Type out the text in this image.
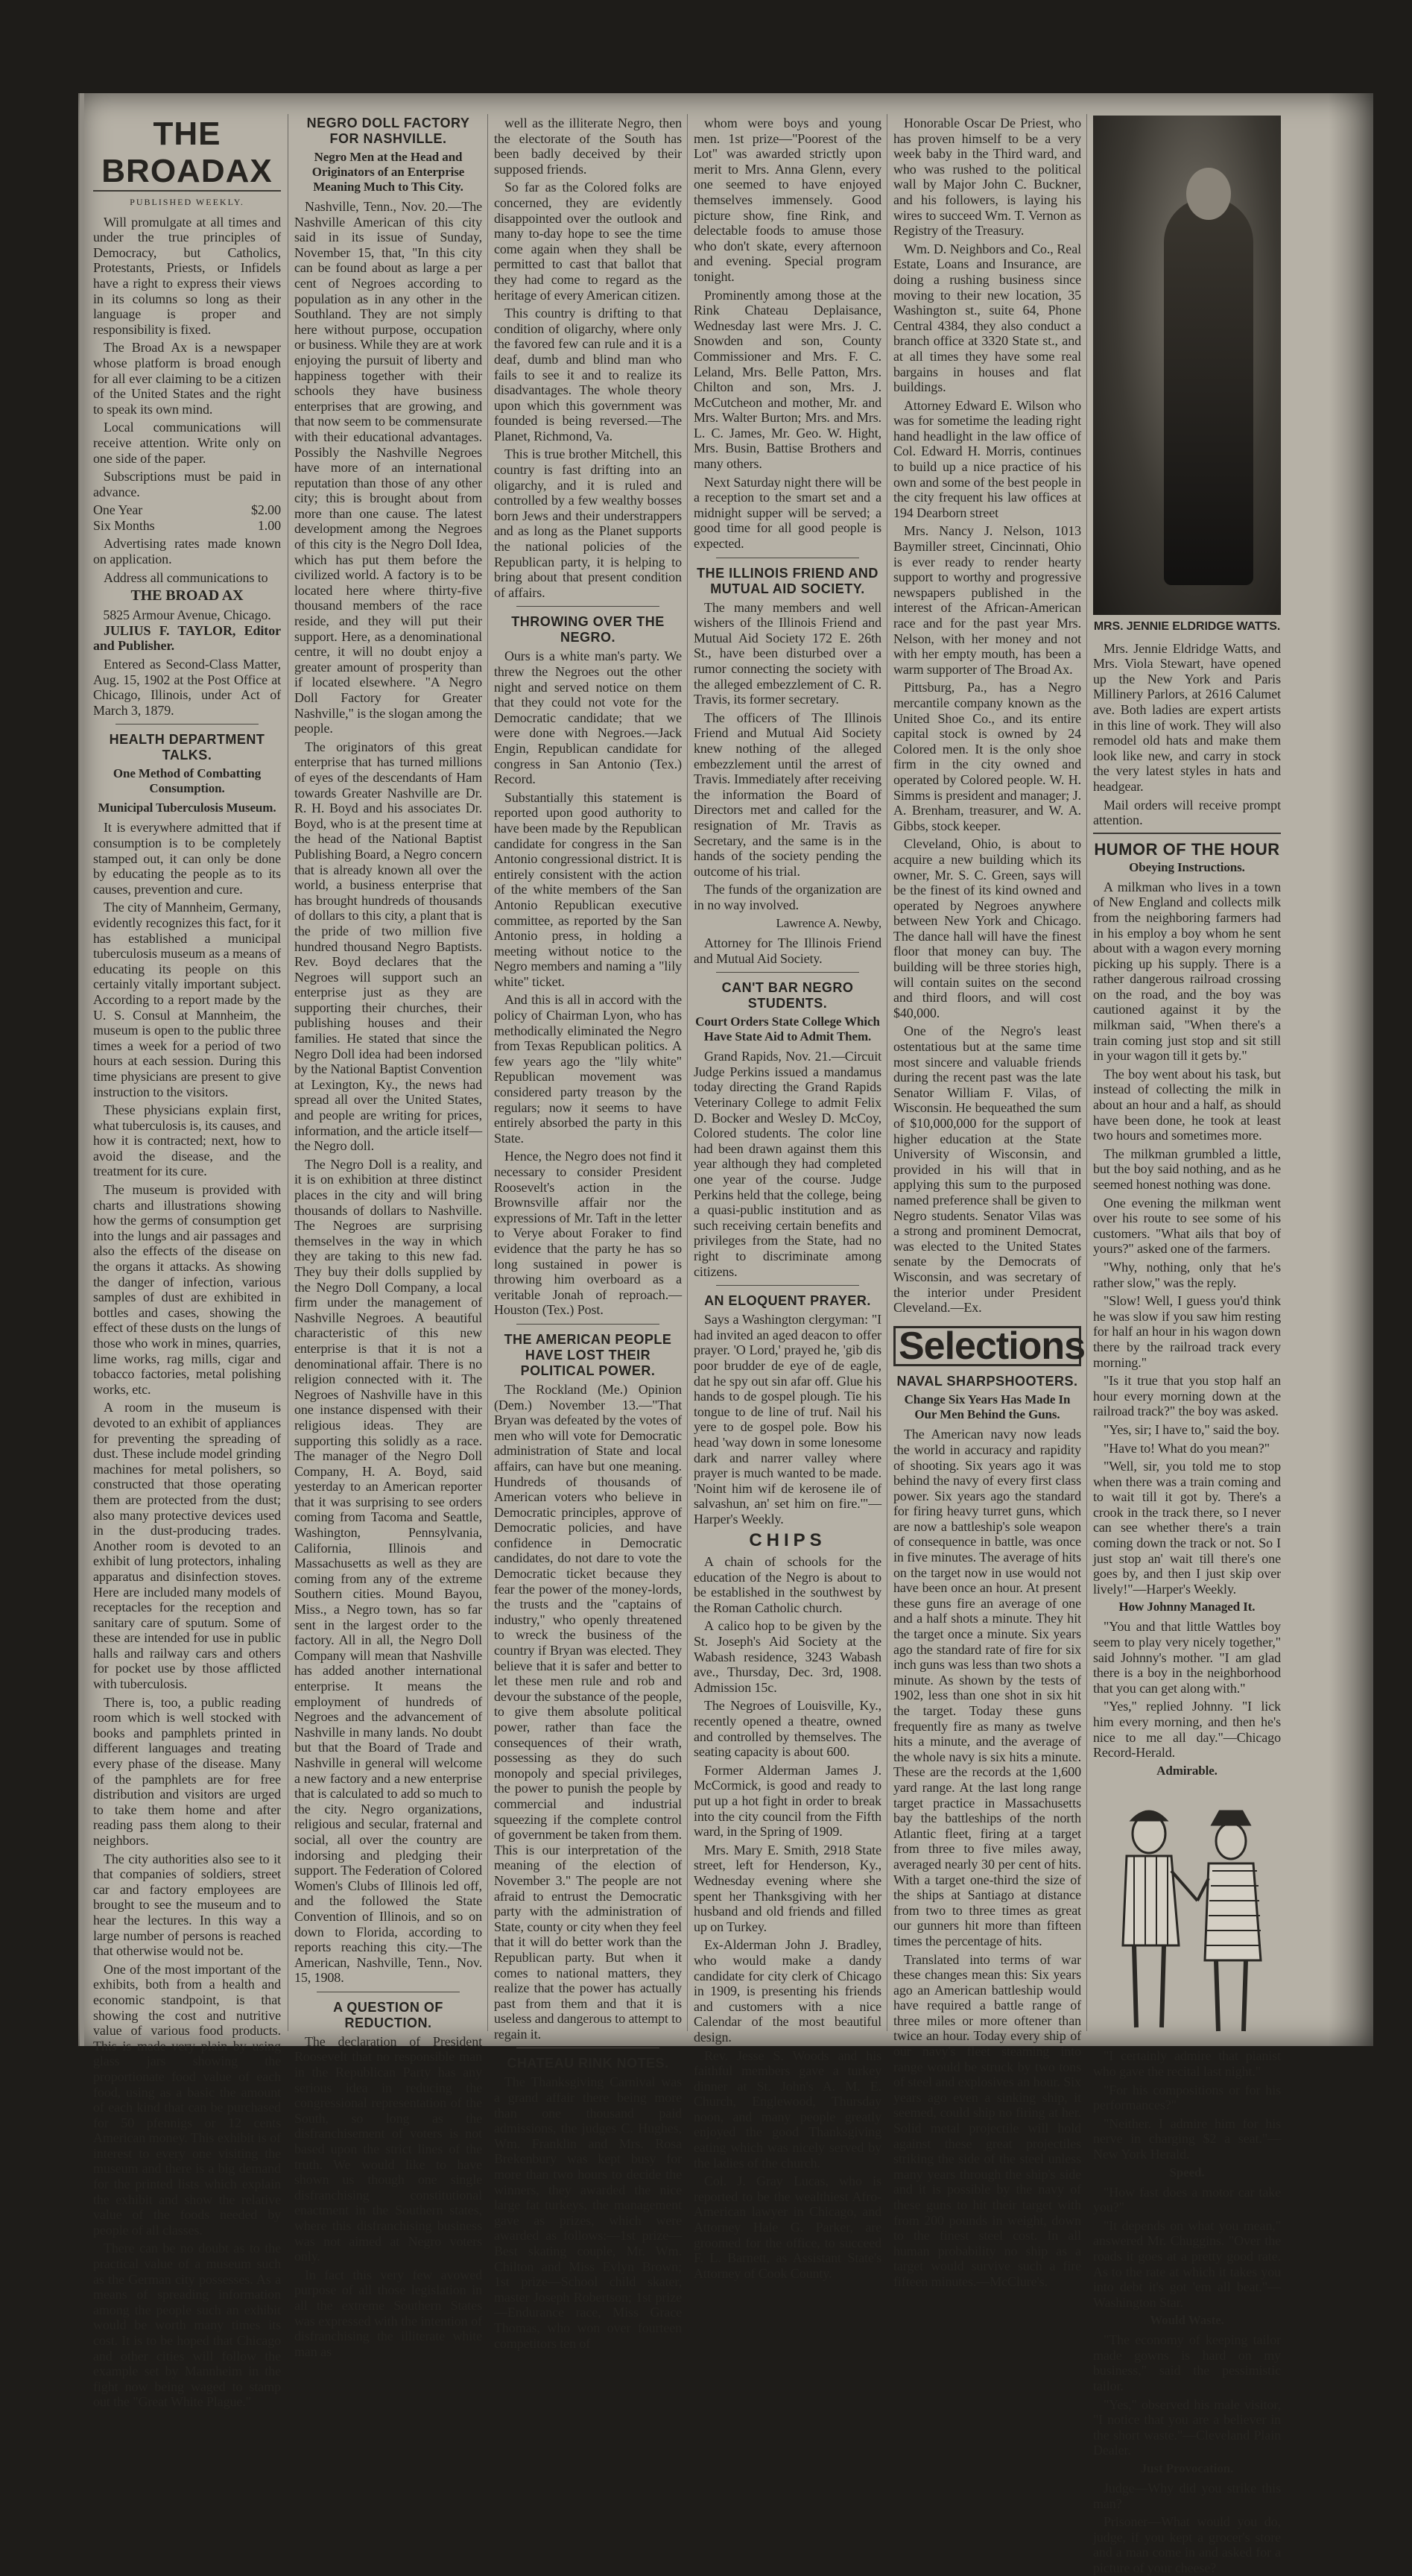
THE BROADAX
PUBLISHED WEEKLY.

Will promulgate at all times and under the true principles of Democracy, but Catholics, Protestants, Priests, or Infidels have a right to express their views in its columns so long as their language is proper and responsibility is fixed.

The Broad Ax is a newspaper whose platform is broad enough for all ever claiming to be a citizen of the United States and the right to speak its own mind.

Local communications will receive attention. Write only on one side of the paper.

Subscriptions must be paid in advance.

One Year	$2.00
Six Months	1.00

Advertising rates made known on application.

Address all communications to

THE BROAD AX
5825 Armour Avenue, Chicago.

JULIUS F. TAYLOR, Editor and Publisher.

Entered as Second-Class Matter, Aug. 15, 1902 at the Post Office at Chicago, Illinois, under Act of March 3, 1879.

HEALTH DEPARTMENT TALKS.
One Method of Combatting Consumption.
Municipal Tuberculosis Museum.

It is everywhere admitted that if consumption is to be completely stamped out, it can only be done by educating the people as to its causes, prevention and cure.

The city of Mannheim, Germany, evidently recognizes this fact, for it has established a municipal tuberculosis museum as a means of educating its people on this certainly vitally important subject. According to a report made by the U. S. Consul at Mannheim, the museum is open to the public three times a week for a period of two hours at each session. During this time physicians are present to give instruction to the visitors.

These physicians explain first, what tuberculosis is, its causes, and how it is contracted; next, how to avoid the disease, and the treatment for its cure.

The museum is provided with charts and illustrations showing how the germs of consumption get into the lungs and air passages and also the effects of the disease on the organs it attacks. As showing the danger of infection, various samples of dust are exhibited in bottles and cases, showing the effect of these dusts on the lungs of those who work in mines, quarries, lime works, rag mills, cigar and tobacco factories, metal polishing works, etc.

A room in the museum is devoted to an exhibit of appliances for preventing the spreading of dust. These include model grinding machines for metal polishers, so constructed that those operating them are protected from the dust; also many protective devices used in the dust-producing trades. Another room is devoted to an exhibit of lung protectors, inhaling apparatus and disinfection stoves. Here are included many models of receptacles for the reception and sanitary care of sputum. Some of these are intended for use in public halls and railway cars and others for pocket use by those afflicted with tuberculosis.

There is, too, a public reading room which is well stocked with books and pamphlets printed in different languages and treating every phase of the disease. Many of the pamphlets are for free distribution and visitors are urged to take them home and after reading pass them along to their neighbors.

The city authorities also see to it that companies of soldiers, street car and factory employees are brought to see the museum and to hear the lectures. In this way a large number of persons is reached that otherwise would not be.

One of the most important of the exhibits, both from a health and economic standpoint, is that showing the cost and nutritive value of various food products. This is made very plain by using glass jars showing the proportionate food value of each food, using as a basic the amount of each kind that can be purchased for 50 pfennigs or 12 cents American money. This exhibit is of interest to every one visiting the museum and there is a big demand for the printed lists which explain the exhibit and show the relative value of the foods needed by people of all classes.

There can be no doubt as to the practical value of a museum such as the German city possesses. As a means of spreading information among the people such an exhibit would be worth many times its cost. It is to be hoped that Chicago and other cities will follow the example set by Mannheim in the fight now being waged to stamp out the "Great White Plague."

NEGRO DOLL FACTORY FOR NASHVILLE.
Negro Men at the Head and Originators of an Enterprise Meaning Much to This City.

Nashville, Tenn., Nov. 20.—The Nashville American of this city said in its issue of Sunday, November 15, that, "In this city can be found about as large a per cent of Negroes according to population as in any other in the Southland. They are not simply here without purpose, occupation or business. While they are at work enjoying the pursuit of liberty and happiness together with their schools they have business enterprises that are growing, and that now seem to be commensurate with their educational advantages. Possibly the Nashville Negroes have more of an international reputation than those of any other city; this is brought about from more than one cause. The latest development among the Negroes of this city is the Negro Doll Idea, which has put them before the civilized world. A factory is to be located here where thirty-five thousand members of the race reside, and they will put their support. Here, as a denominational centre, it will no doubt enjoy a greater amount of prosperity than if located elsewhere. "A Negro Doll Factory for Greater Nashville," is the slogan among the people.

The originators of this great enterprise that has turned millions of eyes of the descendants of Ham towards Greater Nashville are Dr. R. H. Boyd and his associates Dr. Boyd, who is at the present time at the head of the National Baptist Publishing Board, a Negro concern that is already known all over the world, a business enterprise that has brought hundreds of thousands of dollars to this city, a plant that is the pride of two million five hundred thousand Negro Baptists. Rev. Boyd declares that the Negroes will support such an enterprise just as they are supporting their churches, their publishing houses and their families. He stated that since the Negro Doll idea had been indorsed by the National Baptist Convention at Lexington, Ky., the news had spread all over the United States, and people are writing for prices, information, and the article itself—the Negro doll.

The Negro Doll is a reality, and it is on exhibition at three distinct places in the city and will bring thousands of dollars to Nashville. The Negroes are surprising themselves in the way in which they are taking to this new fad. They buy their dolls supplied by the Negro Doll Company, a local firm under the management of Nashville Negroes. A beautiful characteristic of this new enterprise is that it is not a denominational affair. There is no religion connected with it. The Negroes of Nashville have in this one instance dispensed with their religious ideas. They are supporting this solidly as a race. The manager of the Negro Doll Company, H. A. Boyd, said yesterday to an American reporter that it was surprising to see orders coming from Tacoma and Seattle, Washington, Pennsylvania, California, Illinois and Massachusetts as well as they are coming from any of the extreme Southern cities. Mound Bayou, Miss., a Negro town, has so far sent in the largest order to the factory. All in all, the Negro Doll Company will mean that Nashville has added another international enterprise. It means the employment of hundreds of Negroes and the advancement of Nashville in many lands. No doubt but that the Board of Trade and Nashville in general will welcome a new factory and a new enterprise that is calculated to add so much to the city. Negro organizations, religious and secular, fraternal and social, all over the country are indorsing and pledging their support. The Federation of Colored Women's Clubs of Illinois led off, and the followed the State Convention of Illinois, and so on down to Florida, according to reports reaching this city.—The American, Nashville, Tenn., Nov. 15, 1908.

A QUESTION OF REDUCTION.

The declaration of President Roosevelt that no responsible man in the Republican Party has any serious idea in reducing the congressional representation of the South, so long as the disfranchisement of voters is not based upon the strict lines of the truth. We would like to have shown us though one single disfranchising constitutional enactment in the Southern states, where this disfranchising business was not aimed at Negro voters only.

In fact this very few avowed purpose of all those legislation in all the extreme Southern States was expressed with the intention of disfranchising the illiterate white man as

well as the illiterate Negro, then the electorate of the South has been badly deceived by their supposed friends.

So far as the Colored folks are concerned, they are evidently disappointed over the outlook and many to-day hope to see the time come again when they shall be permitted to cast that ballot that they had come to regard as the heritage of every American citizen.

This country is drifting to that condition of oligarchy, where only the favored few can rule and it is a deaf, dumb and blind man who fails to see it and to realize its disadvantages. The whole theory upon which this government was founded is being reversed.—The Planet, Richmond, Va.

This is true brother Mitchell, this country is fast drifting into an oligarchy, and it is ruled and controlled by a few wealthy bosses born Jews and their understrappers and as long as the Planet supports the national policies of the Republican party, it is helping to bring about that present condition of affairs.

THROWING OVER THE NEGRO.

Ours is a white man's party. We threw the Negroes out the other night and served notice on them that they could not vote for the Democratic candidate; that we were done with Negroes.—Jack Engin, Republican candidate for congress in San Antonio (Tex.) Record.

Substantially this statement is reported upon good authority to have been made by the Republican candidate for congress in the San Antonio congressional district. It is entirely consistent with the action of the white members of the San Antonio Republican executive committee, as reported by the San Antonio press, in holding a meeting without notice to the Negro members and naming a "lily white" ticket.

And this is all in accord with the policy of Chairman Lyon, who has methodically eliminated the Negro from Texas Republican politics. A few years ago the "lily white" Republican movement was considered party treason by the regulars; now it seems to have entirely absorbed the party in this State.

Hence, the Negro does not find it necessary to consider President Roosevelt's action in the Brownsville affair nor the expressions of Mr. Taft in the letter to Verye about Foraker to find evidence that the party he has so long sustained in power is throwing him overboard as a veritable Jonah of reproach.—Houston (Tex.) Post.

THE AMERICAN PEOPLE HAVE LOST THEIR POLITICAL POWER.

The Rockland (Me.) Opinion (Dem.) November 13.—"That Bryan was defeated by the votes of men who will vote for Democratic administration of State and local affairs, can have but one meaning. Hundreds of thousands of American voters who believe in Democratic principles, approve of Democratic policies, and have confidence in Democratic candidates, do not dare to vote the Democratic ticket because they fear the power of the money-lords, the trusts and the "captains of industry," who openly threatened to wreck the business of the country if Bryan was elected. They believe that it is safer and better to let these men rule and rob and devour the substance of the people, to give them absolute political power, rather than face the consequences of their wrath, possessing as they do such monopoly and special privileges, the power to punish the people by commercial and industrial squeezing if the complete control of government be taken from them. This is our interpretation of the meaning of the election of November 3." The people are not afraid to entrust the Democratic party with the administration of State, county or city when they feel that it will do better work than the Republican party. But when it comes to national matters, they realize that the power has actually past from them and that it is useless and dangerous to attempt to regain it.

CHATEAU RINK NOTES.

The Thanksgiving Carnival was a grand affair there being more than one thousand paid admissions, the judges C. Hughes, Wm. Franklin and Mrs. Rosa Brekenbury was kept busy for more than two hours to decide the winners, they awarded the nice large fat turkeys, the management gave as prizes, which were awarded as follows:—1st prize—Best skating couple, Mr. Wm. Chilton and Miss Evlyn Brown; 1st prize—School child skater, master Joseph Robertson; 1st prize—Endurance race, Miss Grace Thomas, who won over fourteen competitors ten of

whom were boys and young men. 1st prize—"Poorest of the Lot" was awarded strictly upon merit to Mrs. Anna Glenn, every one seemed to have enjoyed themselves immensely. Good picture show, fine Rink, and delectable foods to amuse those who don't skate, every afternoon and evening. Special program tonight.

Prominently among those at the Rink Chateau Deplaisance, Wednesday last were Mrs. J. C. Snowden and son, County Commissioner and Mrs. F. C. Leland, Mrs. Belle Patton, Mrs. Chilton and son, Mrs. J. McCutcheon and mother, Mr. and Mrs. Walter Burton; Mrs. and Mrs. L. C. James, Mr. Geo. W. Hight, Mrs. Busin, Battise Brothers and many others.

Next Saturday night there will be a reception to the smart set and a midnight supper will be served; a good time for all good people is expected.

THE ILLINOIS FRIEND AND MUTUAL AID SOCIETY.

The many members and well wishers of the Illinois Friend and Mutual Aid Society 172 E. 26th St., have been disturbed over a rumor connecting the society with the alleged embezzlement of C. R. Travis, its former secretary.

The officers of The Illinois Friend and Mutual Aid Society knew nothing of the alleged embezzlement until the arrest of Travis. Immediately after receiving the information the Board of Directors met and called for the resignation of Mr. Travis as Secretary, and the same is in the hands of the society pending the outcome of his trial.

The funds of the organization are in no way involved.

Lawrence A. Newby,

Attorney for The Illinois Friend and Mutual Aid Society.

CAN'T BAR NEGRO STUDENTS.
Court Orders State College Which Have State Aid to Admit Them.

Grand Rapids, Nov. 21.—Circuit Judge Perkins issued a mandamus today directing the Grand Rapids Veterinary College to admit Felix D. Bocker and Wesley D. McCoy, Colored students. The color line had been drawn against them this year although they had completed one year of the course. Judge Perkins held that the college, being a quasi-public institution and as such receiving certain benefits and privileges from the State, had no right to discriminate among citizens.

AN ELOQUENT PRAYER.

Says a Washington clergyman: "I had invited an aged deacon to offer prayer. 'O Lord,' prayed he, 'gib dis poor brudder de eye of de eagle, dat he spy out sin afar off. Glue his hands to de gospel plough. Tie his tongue to de line of truf. Nail his yere to de gospel pole. Bow his head 'way down in some lonesome dark and narrer valley where prayer is much wanted to be made. 'Noint him wif de kerosene ile of salvashun, an' set him on fire.'"—Harper's Weekly.

CHIPS

A chain of schools for the education of the Negro is about to be established in the southwest by the Roman Catholic church.

A calico hop to be given by the St. Joseph's Aid Society at the Wabash residence, 3243 Wabash ave., Thursday, Dec. 3rd, 1908. Admission 15c.

The Negroes of Louisville, Ky., recently opened a theatre, owned and controlled by themselves. The seating capacity is about 600.

Former Alderman James J. McCormick, is good and ready to put up a hot fight in order to break into the city council from the Fifth ward, in the Spring of 1909.

Mrs. Mary E. Smith, 2918 State street, left for Henderson, Ky., Wednesday evening where she spent her Thanksgiving with her husband and old friends and filled up on Turkey.

Ex-Alderman John J. Bradley, who would make a dandy candidate for city clerk of Chicago in 1909, is presenting his friends and customers with a nice Calendar of the most beautiful design.

Rev. Jesse S. Woods and his faithful members gave a turkey dinner at St. John's A. M. E. Church, Englewood, Thursday noon, and many people greatly enjoyed the good Thanksgiving eating which was nicely served by the ladies of the church.

Col. J. Gray Lucas, who is reported to be the wealthiest Afro-American lawyer in Chicago, and Attorney Hale G. Parker, are groomed for the office, to succeed F. L. Barnett, as Assistant State's Attorney of Cook County.

Honorable Oscar De Priest, who has proven himself to be a very week baby in the Third ward, and who was rushed to the political wall by Major John C. Buckner, and his followers, is laying his wires to succeed Wm. T. Vernon as Registry of the Treasury.

Wm. D. Neighbors and Co., Real Estate, Loans and Insurance, are doing a rushing business since moving to their new location, 35 Washington st., suite 64, Phone Central 4384, they also conduct a branch office at 3320 State st., and at all times they have some real bargains in houses and flat buildings.

Attorney Edward E. Wilson who was for sometime the leading right hand headlight in the law office of Col. Edward H. Morris, continues to build up a nice practice of his own and some of the best people in the city frequent his law offices at 194 Dearborn street

Mrs. Nancy J. Nelson, 1013 Baymiller street, Cincinnati, Ohio is ever ready to render hearty support to worthy and progressive newspapers published in the interest of the African-American race and for the past year Mrs. Nelson, with her money and not with her empty mouth, has been a warm supporter of The Broad Ax.

Pittsburg, Pa., has a Negro mercantile company known as the United Shoe Co., and its entire capital stock is owned by 24 Colored men. It is the only shoe firm in the city owned and operated by Colored people. W. H. Simms is president and manager; J. A. Brenham, treasurer, and W. A. Gibbs, stock keeper.

Cleveland, Ohio, is about to acquire a new building which its owner, Mr. S. C. Green, says will be the finest of its kind owned and operated by Negroes anywhere between New York and Chicago. The dance hall will have the finest floor that money can buy. The building will be three stories high, will contain suites on the second and third floors, and will cost $40,000.

One of the Negro's least ostentatious but at the same time most sincere and valuable friends during the recent past was the late Senator William F. Vilas, of Wisconsin. He bequeathed the sum of $10,000,000 for the support of higher education at the State University of Wisconsin, and provided in his will that in applying this sum to the purposed named preference shall be given to Negro students. Senator Vilas was a strong and prominent Democrat, was elected to the United States senate by the Democrats of Wisconsin, and was secretary of the interior under President Cleveland.—Ex.

Selections
NAVAL SHARPSHOOTERS.
Change Six Years Has Made In Our Men Behind the Guns.

The American navy now leads the world in accuracy and rapidity of shooting. Six years ago it was behind the navy of every first class power. Six years ago the standard for firing heavy turret guns, which are now a battleship's sole weapon of consequence in battle, was once in five minutes. The average of hits on the target now in use would not have been once an hour. At present these guns fire an average of one and a half shots a minute. They hit the target once a minute. Six years ago the standard rate of fire for six inch guns was less than two shots a minute. As shown by the tests of 1902, less than one shot in six hit the target. Today these guns frequently fire as many as twelve hits a minute, and the average of the whole navy is six hits a minute. These are the records at the 1,600 yard range. At the last long range target practice in Massachusetts bay the battleships of the north Atlantic fleet, firing at a target from three to five miles away, averaged nearly 30 per cent of hits. With a target one-third the size of the ships at Santiago at distance from two to three times as great our gunners hit more than fifteen times the percentage of hits.

Translated into terms of war these changes mean this: Six years ago an American battleship would have required a battle range of three miles or more oftener than twice an hour. Today every ship of our navy's fleet steaming into range would be struck by two tons of steel and explosives an hour. Six years ago even a sinking ship, it seemed, could ship no firing at her. Solid metal projectile will hold against these great projectiles striking the side of the steel unless many years through the ship's side and it is possible by the navy of these guns to hit their target with from 200 pounds in weight, down to the finest steel cost. In all human probability no ship as a target would survive such a fire fifteen minutes.—McClure's.

MRS. JENNIE ELDRIDGE WATTS.

Mrs. Jennie Eldridge Watts, and Mrs. Viola Stewart, have opened up the New York and Paris Millinery Parlors, at 2616 Calumet ave. Both ladies are expert artists in this line of work. They will also remodel old hats and make them look like new, and carry in stock the very latest styles in hats and headgear.

Mail orders will receive prompt attention.

HUMOR OF THE HOUR
Obeying Instructions.

A milkman who lives in a town of New England and collects milk from the neighboring farmers had in his employ a boy whom he sent about with a wagon every morning picking up his supply. There is a rather dangerous railroad crossing on the road, and the boy was cautioned against it by the milkman said, "When there's a train coming just stop and sit still in your wagon till it gets by."

The boy went about his task, but instead of collecting the milk in about an hour and a half, as should have been done, he took at least two hours and sometimes more.

The milkman grumbled a little, but the boy said nothing, and as he seemed honest nothing was done.

One evening the milkman went over his route to see some of his customers. "What ails that boy of yours?" asked one of the farmers.

"Why, nothing, only that he's rather slow," was the reply.

"Slow! Well, I guess you'd think he was slow if you saw him resting for half an hour in his wagon down there by the railroad track every morning."

"Is it true that you stop half an hour every morning down at the railroad track?" the boy was asked.

"Yes, sir; I have to," said the boy.

"Have to! What do you mean?"

"Well, sir, you told me to stop when there was a train coming and to wait till it got by. There's a crook in the track there, so I never can see whether there's a train coming down the track or not. So I just stop an' wait till there's one goes by, and then I just skip over lively!"—Harper's Weekly.

How Johnny Managed It.

"You and that little Wattles boy seem to play very nicely together," said Johnny's mother. "I am glad there is a boy in the neighborhood that you can get along with."

"Yes," replied Johnny. "I lick him every morning, and then he's nice to me all day."—Chicago Record-Herald.

Admirable.

"I certainly admire that pianist who gave the recital last night."

"For his compositions or for his performances?"

"Neither. I admire him for his nerve in charging $2 a seat."—New York Herald.

Speed.

"How fast does a motor car take you?"

"It depends on what you mean," answered Mr. Chuggins. "Over the roads it goes at a pretty good rate. As to the rate at which it takes you into debt it's got 'em all beat."—Washington Star.

Would Waste.

"The economy of keeping tailor made gowns is hard on my business," said the pessimistic tailor.

"Yes," observed his male visitor, "I notice that you are a believer in the short waste."—Cleveland Plain Dealer.

Just Provocation.

Judge—Why did you strike this man?

Prisoner—What would you do, judge, if you kept a grocer's store and a man come in and asked for a picture of your cheese?
